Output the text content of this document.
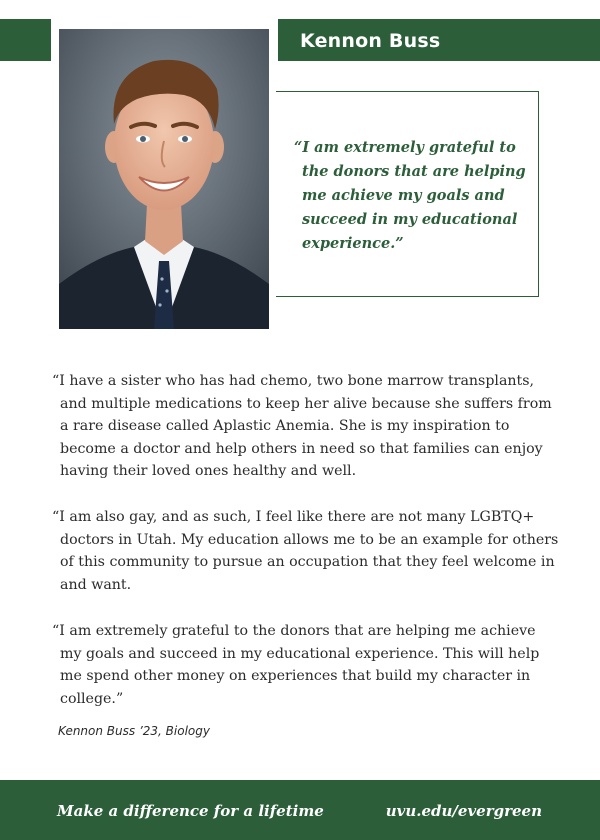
Kennon Buss
“I am extremely grateful to the donors that are helping me achieve my goals and succeed in my educational experience.”
“I have a sister who has had chemo, two bone marrow transplants, and multiple medications to keep her alive because she suffers from a rare disease called Aplastic Anemia. She is my inspiration to become a doctor and help others in need so that families can enjoy having their loved ones healthy and well.
“I am also gay, and as such, I feel like there are not many LGBTQ+ doctors in Utah. My education allows me to be an example for others of this community to pursue an occupation that they feel welcome in and want.
“I am extremely grateful to the donors that are helping me achieve my goals and succeed in my educational experience. This will help me spend other money on experiences that build my character in college.”
Kennon Buss ’23, Biology
Make a difference for a lifetime	uvu.edu/evergreen
